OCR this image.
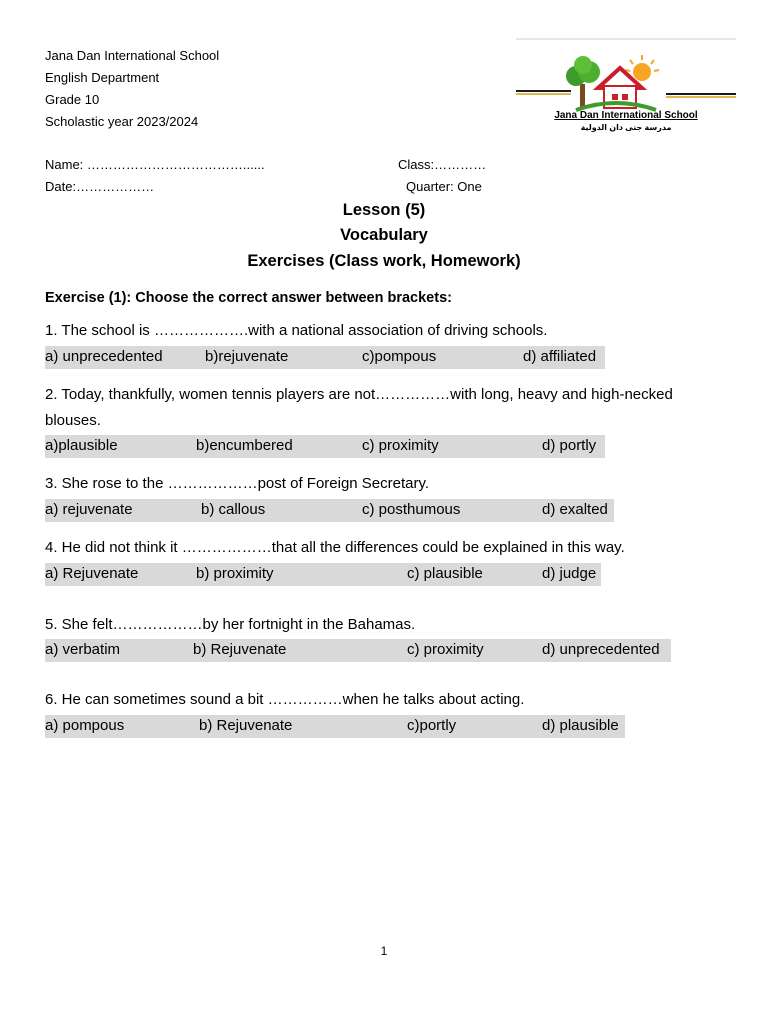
Jana Dan International School
English Department
Grade 10
Scholastic year 2023/2024	Jana Dan International School
مدرسة جنى دان الدولية
Name: ………………………………......	Class:…………
Date:………………	Quarter: One
Lesson (5)
Vocabulary
Exercises (Class work, Homework)
Exercise (1): Choose the correct answer between brackets:
1. The school is ……………….with a national association of driving schools.
a) unprecedented	b)rejuvenate	c)pompous	d) affiliated
2. Today, thankfully, women tennis players are not……………with long, heavy and high-necked
blouses.
a)plausible	b)encumbered	c) proximity	d) portly
3. She rose to the ………………post of Foreign Secretary.
a) rejuvenate	b) callous	c) posthumous	d) exalted
4. He did not think it ………………that all the differences could be explained in this way.
a) Rejuvenate	b) proximity	c) plausible	d) judge
5. She felt………………by her fortnight in the Bahamas.
a) verbatim	b) Rejuvenate	c) proximity	d) unprecedented
6. He can sometimes sound a bit ……………when he talks about acting.
a) pompous	b) Rejuvenate	c)portly	d) plausible
1
